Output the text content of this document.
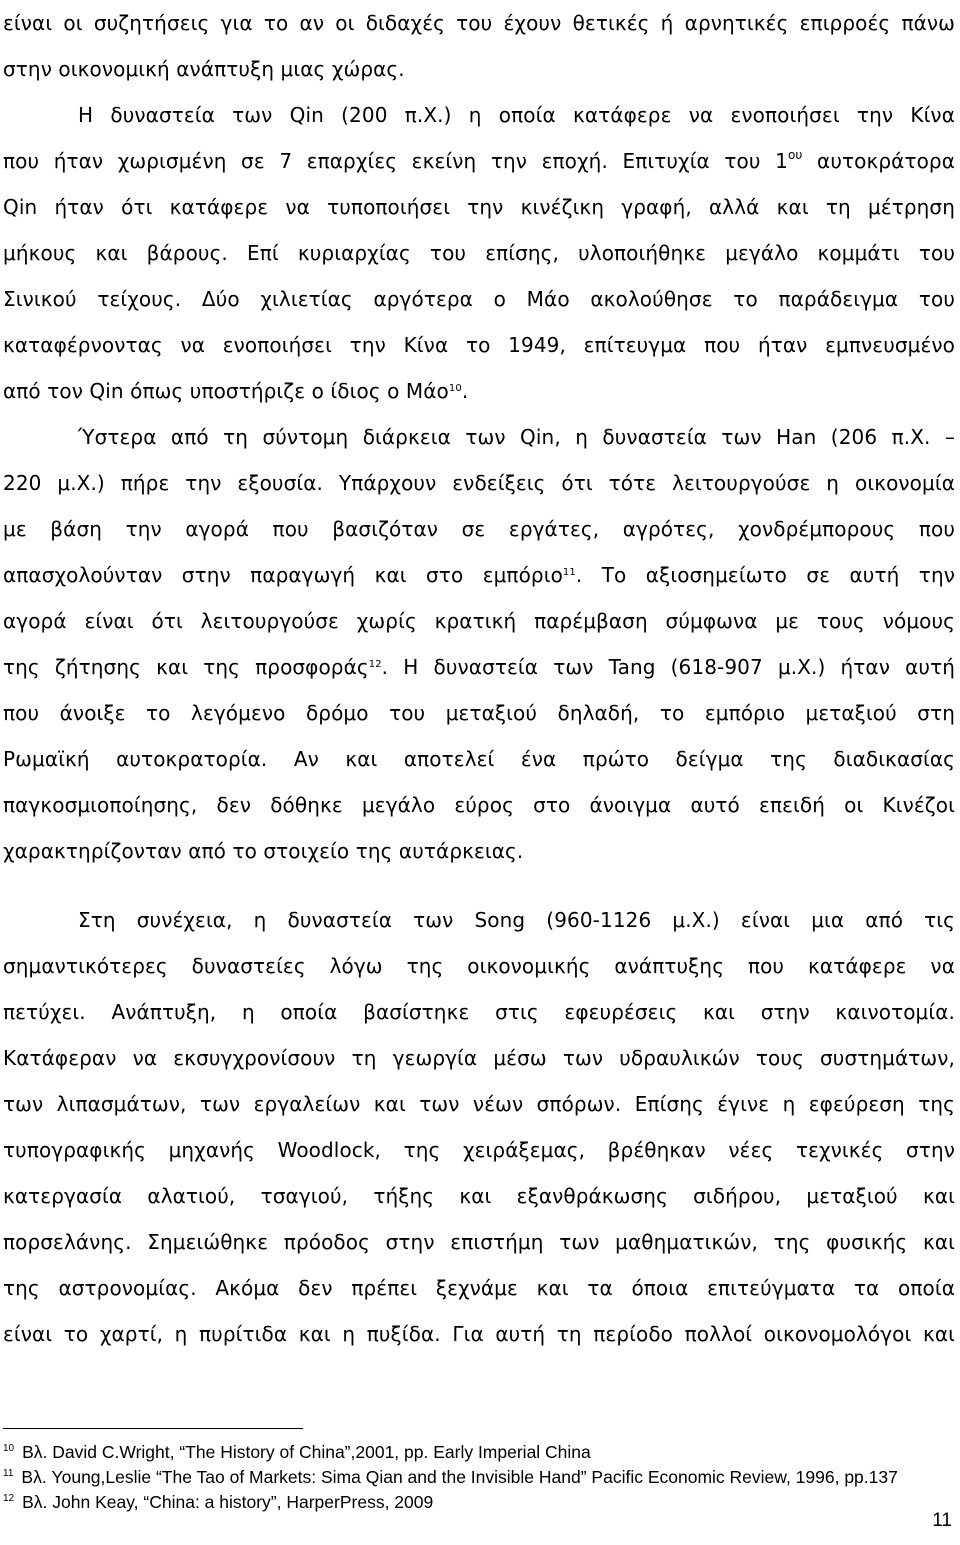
είναι οι συζητήσεις για το αν οι διδαχές του έχουν θετικές ή αρνητικές επιρροές πάνω
στην οικονομική ανάπτυξη μιας χώρας.
Η δυναστεία των Qin (200 π.Χ.) η οποία κατάφερε να ενοποιήσει την Κίνα
που ήταν χωρισμένη σε 7 επαρχίες εκείνη την εποχή. Επιτυχία του $1^{o\upsilon}$ αυτοκράτορα
Qin ήταν ότι κατάφερε να τυποποιήσει την κινέζικη γραφή, αλλά και τη μέτρηση
μήκους και βάρους. Επί κυριαρχίας του επίσης, υλοποιήθηκε μεγάλο κομμάτι του
Σινικού τείχους. Δύο χιλιετίας αργότερα ο Μάο ακολούθησε το παράδειγμα του
καταφέρνοντας να ενοποιήσει την Κίνα το 1949, επίτευγμα που ήταν εμπνευσμένο
από τον Qin όπως υποστήριζε ο ίδιος ο Μάο$^{10}$.
Ύστερα από τη σύντομη διάρκεια των Qin, η δυναστεία των Han (206 π.Χ. –
220 μ.Χ.) πήρε την εξουσία. Υπάρχουν ενδείξεις ότι τότε λειτουργούσε η οικονομία
με βάση την αγορά που βασιζόταν σε εργάτες, αγρότες, χονδρέμπορους που
απασχολούνταν στην παραγωγή και στο εμπόριο$^{11}$. Το αξιοσημείωτο σε αυτή την
αγορά είναι ότι λειτουργούσε χωρίς κρατική παρέμβαση σύμφωνα με τους νόμους
της ζήτησης και της προσφοράς$^{12}$. Η δυναστεία των Tang (618-907 μ.Χ.) ήταν αυτή
που άνοιξε το λεγόμενο δρόμο του μεταξιού δηλαδή, το εμπόριο μεταξιού στη
Ρωμαϊκή αυτοκρατορία. Αν και αποτελεί ένα πρώτο δείγμα της διαδικασίας
παγκοσμιοποίησης, δεν δόθηκε μεγάλο εύρος στο άνοιγμα αυτό επειδή οι Κινέζοι
χαρακτηρίζονταν από το στοιχείο της αυτάρκειας.
Στη συνέχεια, η δυναστεία των Song (960-1126 μ.Χ.) είναι μια από τις
σημαντικότερες δυναστείες λόγω της οικονομικής ανάπτυξης που κατάφερε να
πετύχει. Ανάπτυξη, η οποία βασίστηκε στις εφευρέσεις και στην καινοτομία.
Κατάφεραν να εκσυγχρονίσουν τη γεωργία μέσω των υδραυλικών τους συστημάτων,
των λιπασμάτων, των εργαλείων και των νέων σπόρων. Επίσης έγινε η εφεύρεση της
τυπογραφικής μηχανής Woodlock, της χειράξεμας, βρέθηκαν νέες τεχνικές στην
κατεργασία αλατιού, τσαγιού, τήξης και εξανθράκωσης σιδήρου, μεταξιού και
πορσελάνης. Σημειώθηκε πρόοδος στην επιστήμη των μαθηματικών, της φυσικής και
της αστρονομίας. Ακόμα δεν πρέπει ξεχνάμε και τα όποια επιτεύγματα τα οποία
είναι το χαρτί, η πυρίτιδα και η πυξίδα. Για αυτή τη περίοδο πολλοί οικονομολόγοι και
$^{10}$ Βλ. David C.Wright, “The History of China”,2001, pp. Early Imperial China
$^{11}$ Βλ. Young,Leslie “The Tao of Markets: Sima Qian and the Invisible Hand” Pacific Economic Review, 1996, pp.137
$^{12}$ Βλ. John Keay, “China: a history”, HarperPress, 2009
11
